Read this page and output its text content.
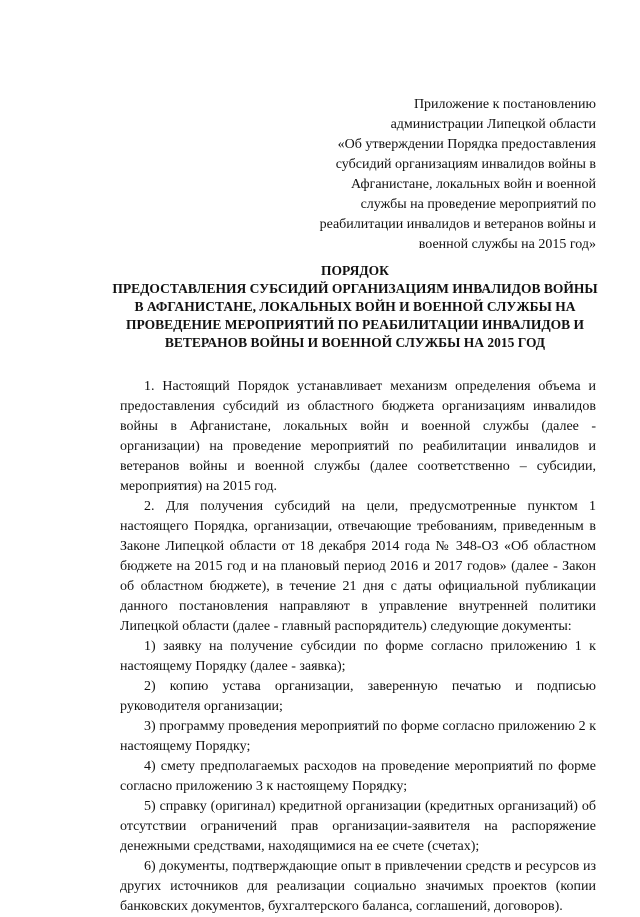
Приложение к постановлению
администрации Липецкой области
«Об утверждении Порядка предоставления
субсидий организациям инвалидов войны в
Афганистане, локальных войн и военной
службы на проведение мероприятий по
реабилитации инвалидов и ветеранов войны и
военной службы на 2015 год»
ПОРЯДОК
ПРЕДОСТАВЛЕНИЯ СУБСИДИЙ ОРГАНИЗАЦИЯМ ИНВАЛИДОВ ВОЙНЫ
В АФГАНИСТАНЕ, ЛОКАЛЬНЫХ ВОЙН И ВОЕННОЙ СЛУЖБЫ НА
ПРОВЕДЕНИЕ МЕРОПРИЯТИЙ ПО РЕАБИЛИТАЦИИ ИНВАЛИДОВ И
ВЕТЕРАНОВ ВОЙНЫ И ВОЕННОЙ СЛУЖБЫ НА 2015 ГОД

1. Настоящий Порядок устанавливает механизм определения объема и предоставления субсидий из областного бюджета организациям инвалидов войны в Афганистане, локальных войн и военной службы (далее - организации) на проведение мероприятий по реабилитации инвалидов и ветеранов войны и военной службы (далее соответственно – субсидии, мероприятия) на 2015 год.

2. Для получения субсидий на цели, предусмотренные пунктом 1 настоящего Порядка, организации, отвечающие требованиям, приведенным в Законе Липецкой области от 18 декабря 2014 года № 348-ОЗ «Об областном бюджете на 2015 год и на плановый период 2016 и 2017 годов» (далее - Закон об областном бюджете), в течение 21 дня с даты официальной публикации данного постановления направляют в управление внутренней политики Липецкой области (далее - главный распорядитель) следующие документы:

1) заявку на получение субсидии по форме согласно приложению 1 к настоящему Порядку (далее - заявка);

2) копию устава организации, заверенную печатью и подписью руководителя организации;

3) программу проведения мероприятий по форме согласно приложению 2 к настоящему Порядку;

4) смету предполагаемых расходов на проведение мероприятий по форме согласно приложению 3 к настоящему Порядку;

5) справку (оригинал) кредитной организации (кредитных организаций) об отсутствии ограничений прав организации-заявителя на распоряжение денежными средствами, находящимися на ее счете (счетах);

6) документы, подтверждающие опыт в привлечении средств и ресурсов из других источников для реализации социально значимых проектов (копии банковских документов, бухгалтерского баланса, соглашений, договоров).
